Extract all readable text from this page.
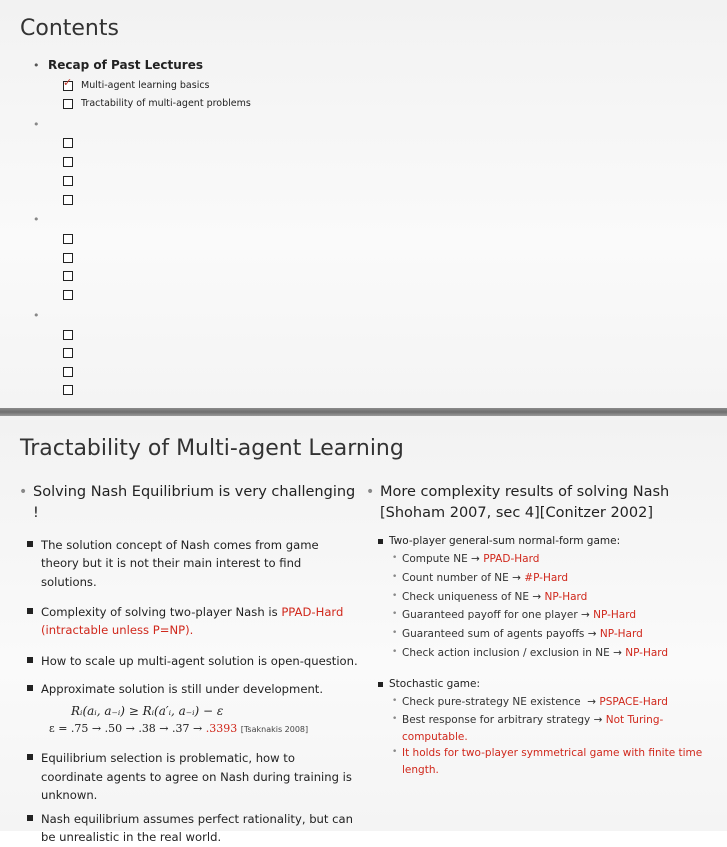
Contents
• Recap of Past Lectures
✓ Multi-agent learning basics
Tractability of multi-agent problems
•
•
•
Tractability of Multi-agent Learning
• Solving Nash Equilibrium is very challenging !
The solution concept of Nash comes from game theory but it is not their main interest to find solutions.
Complexity of solving two-player Nash is PPAD-Hard (intractable unless P=NP).
How to scale up multi-agent solution is open-question.
Approximate solution is still under development.
Rᵢ(aᵢ, a₋ᵢ) ≥ Rᵢ(a′ᵢ, a₋ᵢ) − ε
ε = .75 → .50 → .38 → .37 → .3393 [Tsaknakis 2008]
Equilibrium selection is problematic, how to coordinate agents to agree on Nash during training is unknown.
Nash equilibrium assumes perfect rationality, but can be unrealistic in the real world.
• More complexity results of solving Nash [Shoham 2007, sec 4][Conitzer 2002]
Two-player general-sum normal-form game:
• Compute NE → PPAD-Hard
• Count number of NE → #P-Hard
• Check uniqueness of NE → NP-Hard
• Guaranteed payoff for one player → NP-Hard
• Guaranteed sum of agents payoffs → NP-Hard
• Check action inclusion / exclusion in NE → NP-Hard
Stochastic game:
• Check pure-strategy NE existence  → PSPACE-Hard
• Best response for arbitrary strategy → Not Turing-computable.
• It holds for two-player symmetrical game with finite time length.
